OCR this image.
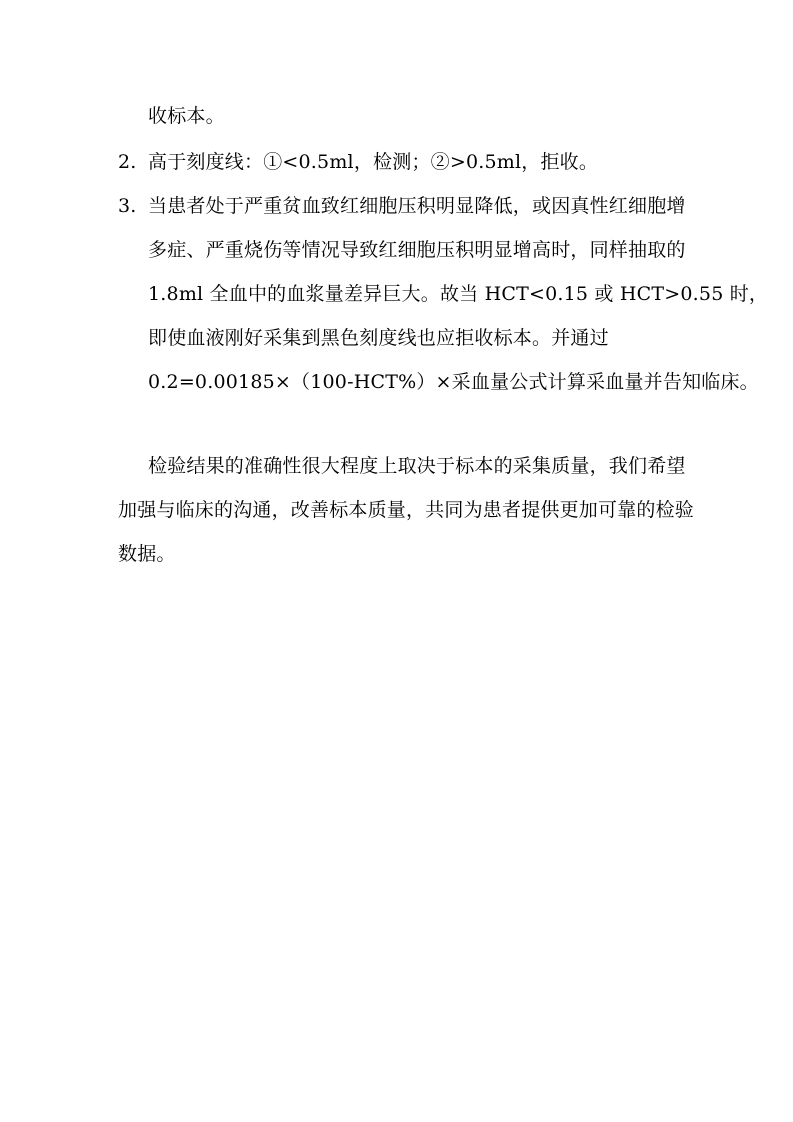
收标本。
2. 高于刻度线：①<0.5ml，检测；②>0.5ml，拒收。
3. 当患者处于严重贫血致红细胞压积明显降低，或因真性红细胞增
多症、严重烧伤等情况导致红细胞压积明显增高时，同样抽取的
1.8ml 全血中的血浆量差异巨大。故当 HCT<0.15 或 HCT>0.55 时，
即使血液刚好采集到黑色刻度线也应拒收标本。并通过
0.2=0.00185×（100-HCT%）×采血量公式计算采血量并告知临床。
检验结果的准确性很大程度上取决于标本的采集质量，我们希望
加强与临床的沟通，改善标本质量，共同为患者提供更加可靠的检验
数据。
